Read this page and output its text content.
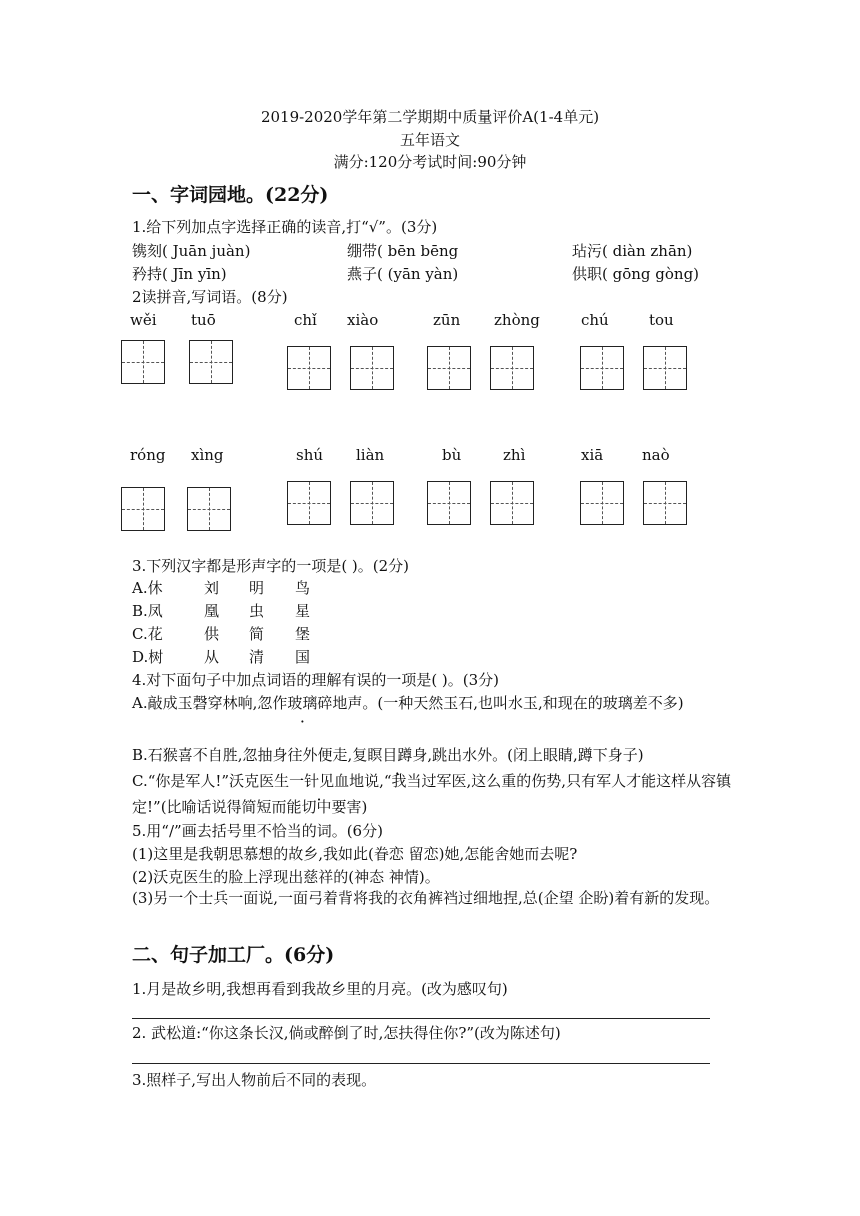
2019-2020学年第二学期期中质量评价A(1-4单元)
五年语文
满分:120分考试时间:90分钟
一、字词园地。(22分)
1.给下列加点字选择正确的读音,打“√”。(3分)
镌刻( Juān juàn)	绷带( bēn bēng	玷污( diàn zhān)
矜持( Jīn yīn)	燕子( (yān yàn)	供职( gōng gòng)
2读拼音,写词语。(8分)
wěi tuō	chǐ xiào	zūn zhòng	chú	tou
róng xìng	shú liàn	bù	zhì	xiā	naò
3.下列汉字都是形声字的一项是( )。(2分)
A.休	刘 明 鸟
B.凤	凰 虫 星
C.花	供 简 堡
D.树	从 清 国
4.对下面句子中加点词语的理解有误的一项是( )。(3分)
A.敲成玉磬穿林响,忽作玻璃碎地声。(一种天然玉石,也叫水玉,和现在的玻璃差不多)
B.石猴喜不自胜,忽抽身往外便走,复瞑目蹲身,跳出水外。(闭上眼睛,蹲下身子)
C.“你是军人!”沃克医生一针见血地说,“我当过军医,这么重的伤势,只有军人才能这样从容镇定!”(比喻话说得简短而能切中要害)
5.用“/”画去括号里不恰当的词。(6分)
(1)这里是我朝思慕想的故乡,我如此(眷恋 留恋)她,怎能舍她而去呢?
(2)沃克医生的脸上浮现出慈祥的(神态 神情)。
(3)另一个士兵一面说,一面弓着背将我的衣角裤裆过细地捏,总(企望 企盼)着有新的发现。
二、句子加工厂。(6分)
1.月是故乡明,我想再看到我故乡里的月亮。(改为感叹句)
2. 武松道:“你这条长汉,倘或醉倒了时,怎扶得住你?”(改为陈述句)
3.照样子,写出人物前后不同的表现。
